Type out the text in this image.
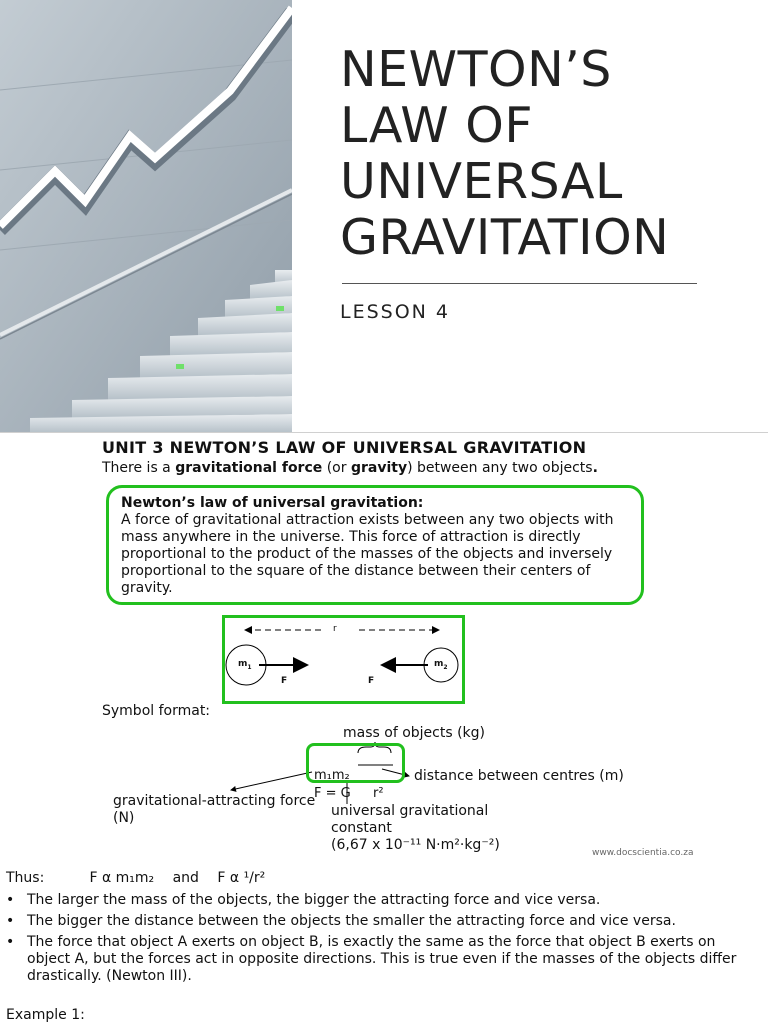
NEWTON’S
LAW OF
UNIVERSAL
GRAVITATION
LESSON 4
UNIT 3 NEWTON’S LAW OF UNIVERSAL GRAVITATION
There is a gravitational force (or gravity) between any two objects.
Newton’s law of universal gravitation:
A force of gravitational attraction exists between any two objects with mass anywhere in the universe. This force of attraction is directly proportional to the product of the masses of the objects and inversely proportional to the square of the distance between their centers of gravity.
r
$m_1$	$m_2$
F	F
Symbol format:
mass of objects (kg)
m₁m₂
F = G r²
distance between centres (m)
gravitational-attracting force (N)	universal gravitational constant
(6,67 x 10⁻¹¹ N·m²·kg⁻²)	www.docscientia.co.za
Thus:	F α m₁m₂ and F α ¹/r²
• The larger the mass of the objects, the bigger the attracting force and vice versa.
• The bigger the distance between the objects the smaller the attracting force and vice versa.
• The force that object A exerts on object B, is exactly the same as the force that object B exerts on object A, but the forces act in opposite directions. This is true even if the masses of the objects differ drastically. (Newton III).
Example 1:
